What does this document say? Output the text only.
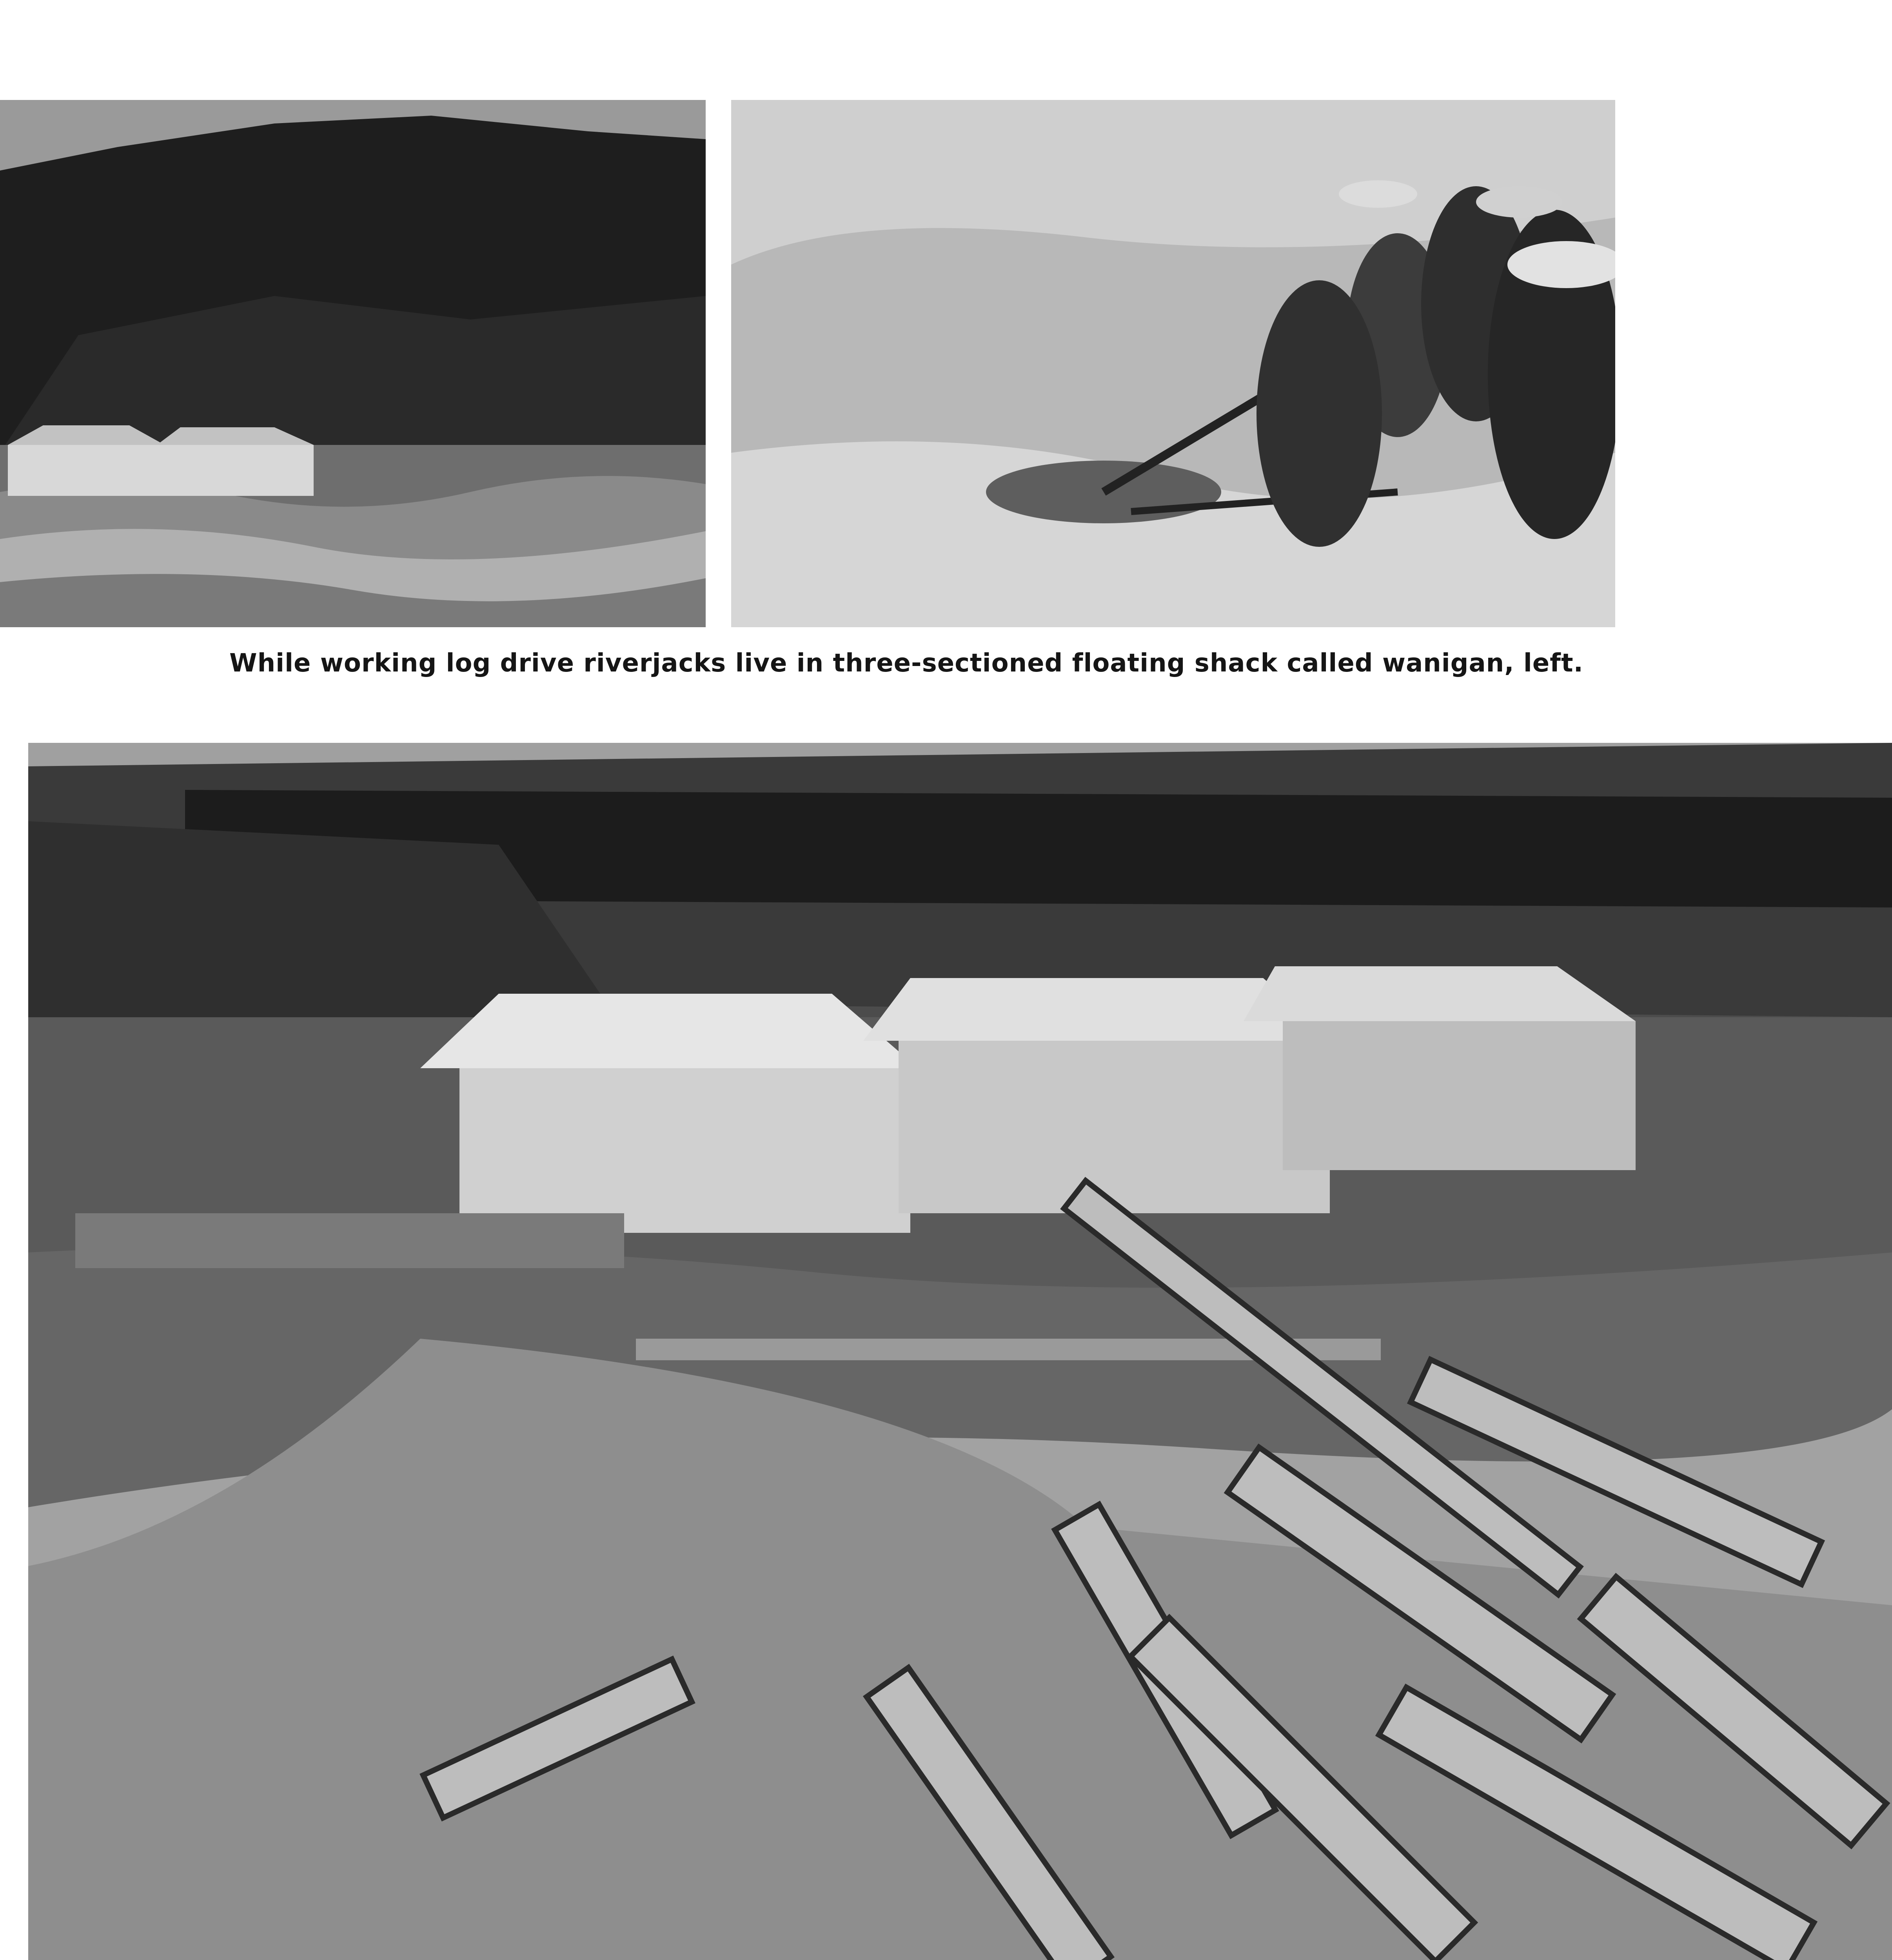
While working log drive riverjacks live in three-sectioned floating shack called wanigan, left.
